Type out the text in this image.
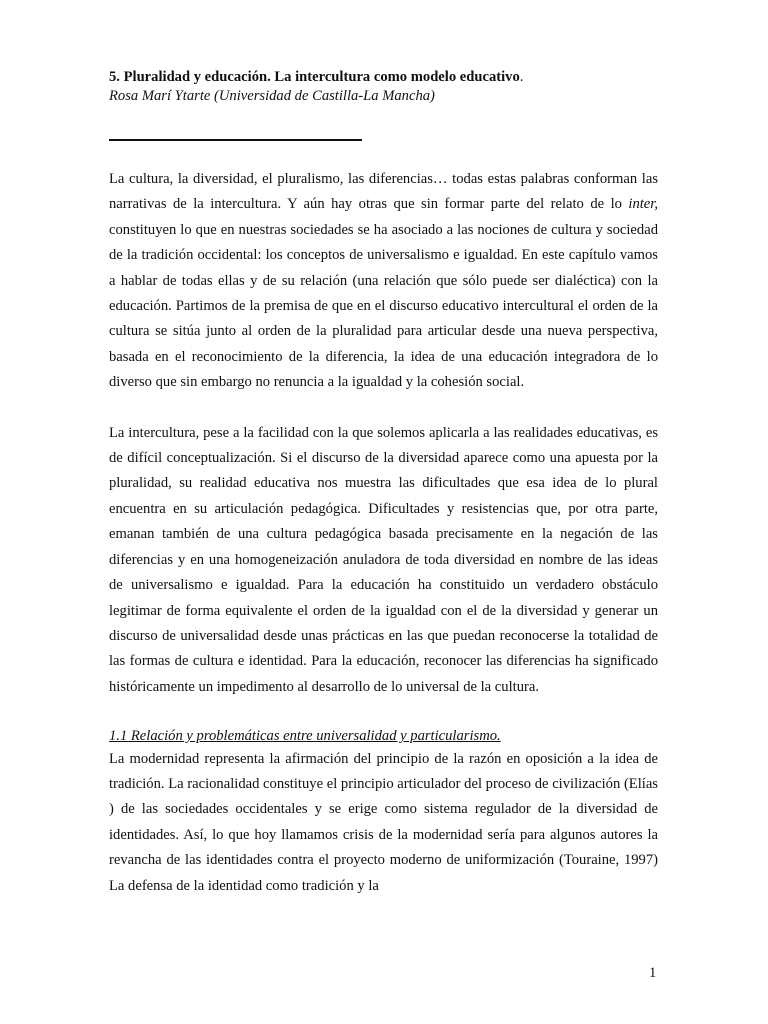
5. Pluralidad y educación. La intercultura como modelo educativo.

Rosa Marí Ytarte (Universidad de Castilla-La Mancha)

La cultura, la diversidad, el pluralismo, las diferencias… todas estas palabras conforman las narrativas de la intercultura. Y aún hay otras que sin formar parte del relato de lo inter, constituyen lo que en nuestras sociedades se ha asociado a las nociones de cultura y sociedad de la tradición occidental: los conceptos de universalismo e igualdad. En este capítulo vamos a hablar de todas ellas y de su relación (una relación que sólo puede ser dialéctica) con la educación. Partimos de la premisa de que en el discurso educativo intercultural el orden de la cultura se sitúa junto al orden de la pluralidad para articular desde una nueva perspectiva, basada en el reconocimiento de la diferencia, la idea de una educación integradora de lo diverso que sin embargo no renuncia a la igualdad y la cohesión social.

La intercultura, pese a la facilidad con la que solemos aplicarla a las realidades educativas, es de difícil conceptualización. Si el discurso de la diversidad aparece como una apuesta por la pluralidad, su realidad educativa nos muestra las dificultades que esa idea de lo plural encuentra en su articulación pedagógica. Dificultades y resistencias que, por otra parte, emanan también de una cultura pedagógica basada precisamente en la negación de las diferencias y en una homogeneización anuladora de toda diversidad en nombre de las ideas de universalismo e igualdad. Para la educación ha constituido un verdadero obstáculo legitimar de forma equivalente el orden de la igualdad con el de la diversidad y generar un discurso de universalidad desde unas prácticas en las que puedan reconocerse la totalidad de las formas de cultura e identidad. Para la educación, reconocer las diferencias ha significado históricamente un impedimento al desarrollo de lo universal de la cultura.

1.1 Relación y problemáticas entre universalidad y particularismo.

La modernidad representa la afirmación del principio de la razón en oposición a la idea de tradición. La racionalidad constituye el principio articulador del proceso de civilización (Elías ) de las sociedades occidentales y se erige como sistema regulador de la diversidad de identidades. Así, lo que hoy llamamos crisis de la modernidad sería para algunos autores la revancha de las identidades contra el proyecto moderno de uniformización (Touraine, 1997) La defensa de la identidad como tradición y la

1
